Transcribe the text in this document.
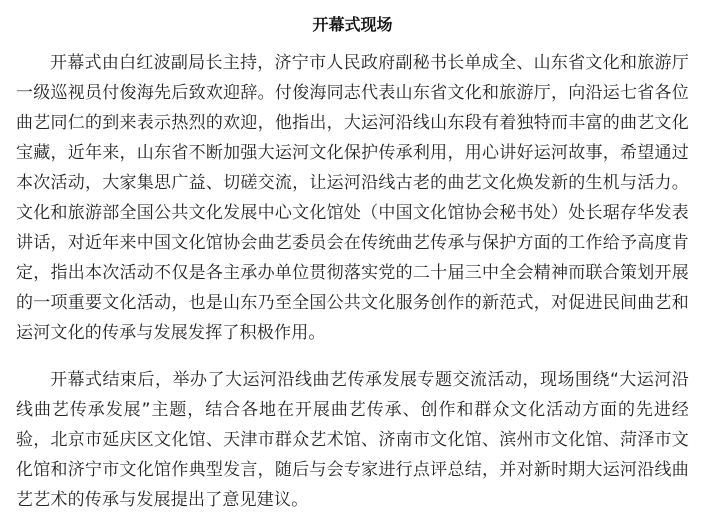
开幕式现场

开幕式由白红波副局长主持，济宁市人民政府副秘书长单成全、山东省文化和旅游厅一级巡视员付俊海先后致欢迎辞。付俊海同志代表山东省文化和旅游厅，向沿运七省各位曲艺同仁的到来表示热烈的欢迎，他指出，大运河沿线山东段有着独特而丰富的曲艺文化宝藏，近年来，山东省不断加强大运河文化保护传承利用，用心讲好运河故事，希望通过本次活动，大家集思广益、切磋交流，让运河沿线古老的曲艺文化焕发新的生机与活力。文化和旅游部全国公共文化发展中心文化馆处（中国文化馆协会秘书处）处长琚存华发表讲话，对近年来中国文化馆协会曲艺委员会在传统曲艺传承与保护方面的工作给予高度肯定，指出本次活动不仅是各主承办单位贯彻落实党的二十届三中全会精神而联合策划开展的一项重要文化活动，也是山东乃至全国公共文化服务创作的新范式，对促进民间曲艺和运河文化的传承与发展发挥了积极作用。

开幕式结束后，举办了大运河沿线曲艺传承发展专题交流活动，现场围绕“大运河沿线曲艺传承发展”主题，结合各地在开展曲艺传承、创作和群众文化活动方面的先进经验，北京市延庆区文化馆、天津市群众艺术馆、济南市文化馆、滨州市文化馆、菏泽市文化馆和济宁市文化馆作典型发言，随后与会专家进行点评总结，并对新时期大运河沿线曲艺艺术的传承与发展提出了意见建议。
